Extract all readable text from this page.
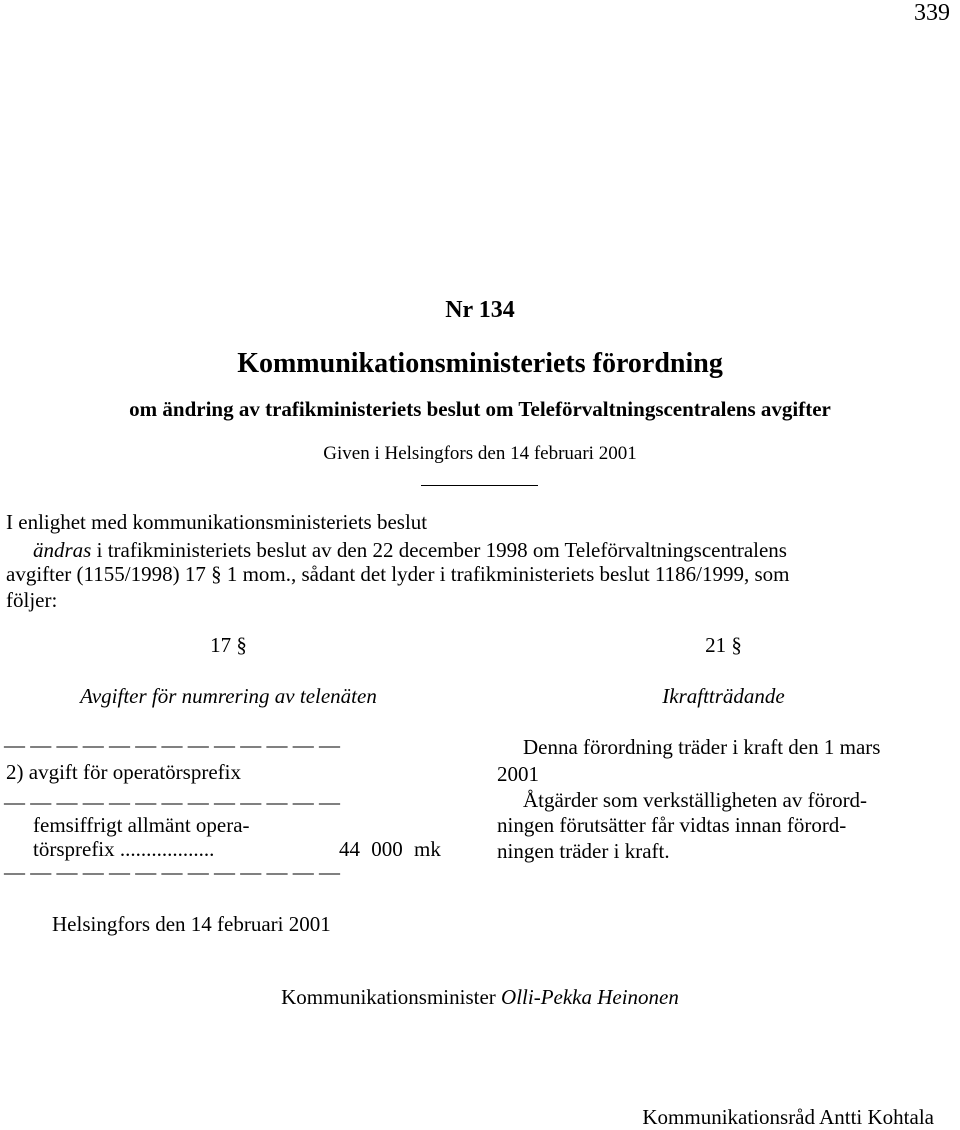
339
Nr 134
Kommunikationsministeriets förordning
om ändring av trafikministeriets beslut om Teleförvaltningscentralens avgifter
Given i Helsingfors den 14 februari 2001
I enlighet med kommunikationsministeriets beslut
ändras i trafikministeriets beslut av den 22 december 1998 om Teleförvaltningscentralens
avgifter (1155/1998) 17 § 1 mom., sådant det lyder i trafikministeriets beslut 1186/1999, som
följer:
17 §
Avgifter för numrering av telenäten
— — — — — — — — — — — — —
2) avgift för operatörsprefix
— — — — — — — — — — — — —
femsiffrigt allmänt opera-
törsprefix ..................	44 000 mk
— — — — — — — — — — — — —
21 §
Ikraftträdande
Denna förordning träder i kraft den 1 mars
2001
Åtgärder som verkställigheten av förord-
ningen förutsätter får vidtas innan förord-
ningen träder i kraft.
Helsingfors den 14 februari 2001
Kommunikationsminister Olli-Pekka Heinonen
Kommunikationsråd Antti Kohtala
